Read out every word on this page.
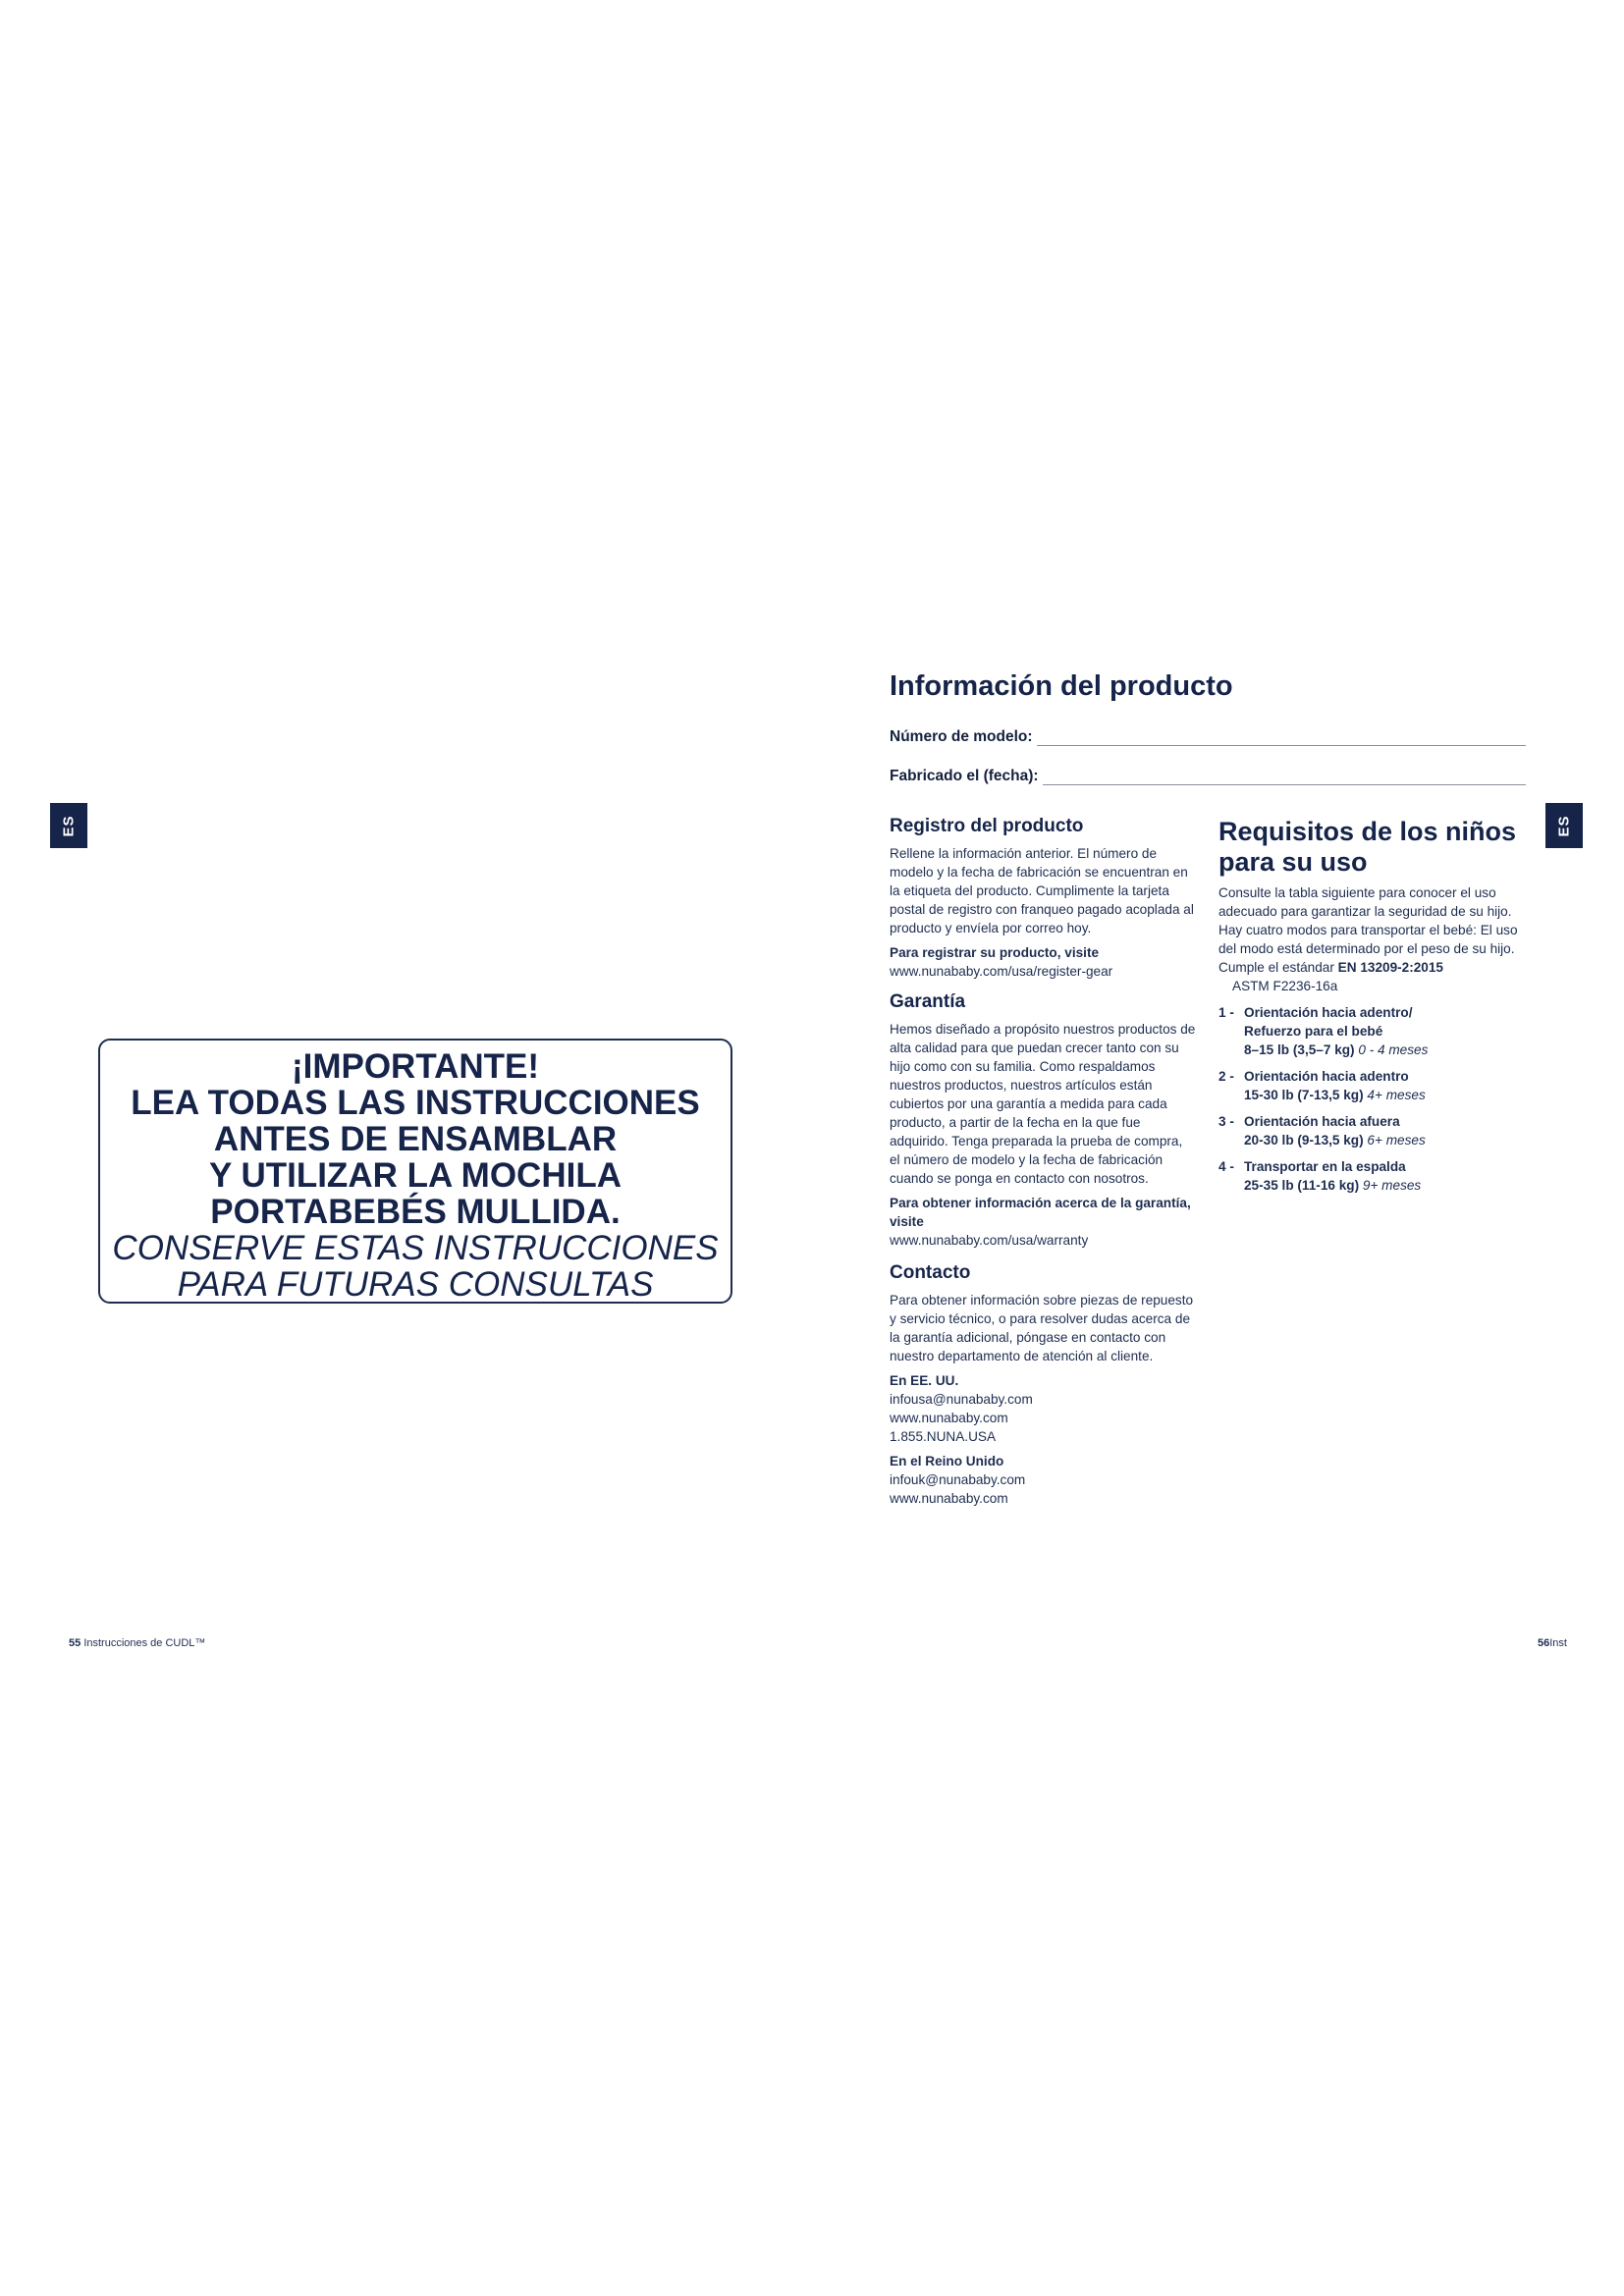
ES	ES
¡IMPORTANTE!
LEA TODAS LAS INSTRUCCIONES
ANTES DE ENSAMBLAR
Y UTILIZAR LA MOCHILA
PORTABEBÉS MULLIDA.
CONSERVE ESTAS INSTRUCCIONES
PARA FUTURAS CONSULTAS
Información del producto
Número de modelo:
Fabricado el (fecha):
Registro del producto

Rellene la información anterior. El número de modelo y la fecha de fabricación se encuentran en la etiqueta del producto. Cumplimente la tarjeta postal de registro con franqueo pagado acoplada al producto y envíela por correo hoy.

Para registrar su producto, visite

www.nunababy.com/usa/register-gear

Garantía

Hemos diseñado a propósito nuestros productos de alta calidad para que puedan crecer tanto con su hijo como con su familia. Como respaldamos nuestros productos, nuestros artículos están cubiertos por una garantía a medida para cada producto, a partir de la fecha en la que fue adquirido. Tenga preparada la prueba de compra, el número de modelo y la fecha de fabricación cuando se ponga en contacto con nosotros.

Para obtener información acerca de la garantía, visite

www.nunababy.com/usa/warranty

Contacto

Para obtener información sobre piezas de repuesto y servicio técnico, o para resolver dudas acerca de la garantía adicional, póngase en contacto con nuestro departamento de atención al cliente.

En EE. UU.

infousa@nunababy.com

www.nunababy.com

1.855.NUNA.USA

En el Reino Unido

infouk@nunababy.com

www.nunababy.com

Requisitos de los niños para su uso

Consulte la tabla siguiente para conocer el uso adecuado para garantizar la seguridad de su hijo. Hay cuatro modos para transportar el bebé: El uso del modo está determinado por el peso de su hijo.

Cumple el estándar EN 13209-2:2015

ASTM F2236-16a

1 - Orientación hacia adentro/
Refuerzo para el bebé
8–15 lb (3,5–7 kg) 0 - 4 meses
2 - Orientación hacia adentro
15-30 lb (7-13,5 kg) 4+ meses
3 - Orientación hacia afuera
20-30 lb (9-13,5 kg) 6+ meses
4 - Transportar en la espalda
25-35 lb (11-16 kg) 9+ meses
55 Instrucciones de CUDL™	56Inst
